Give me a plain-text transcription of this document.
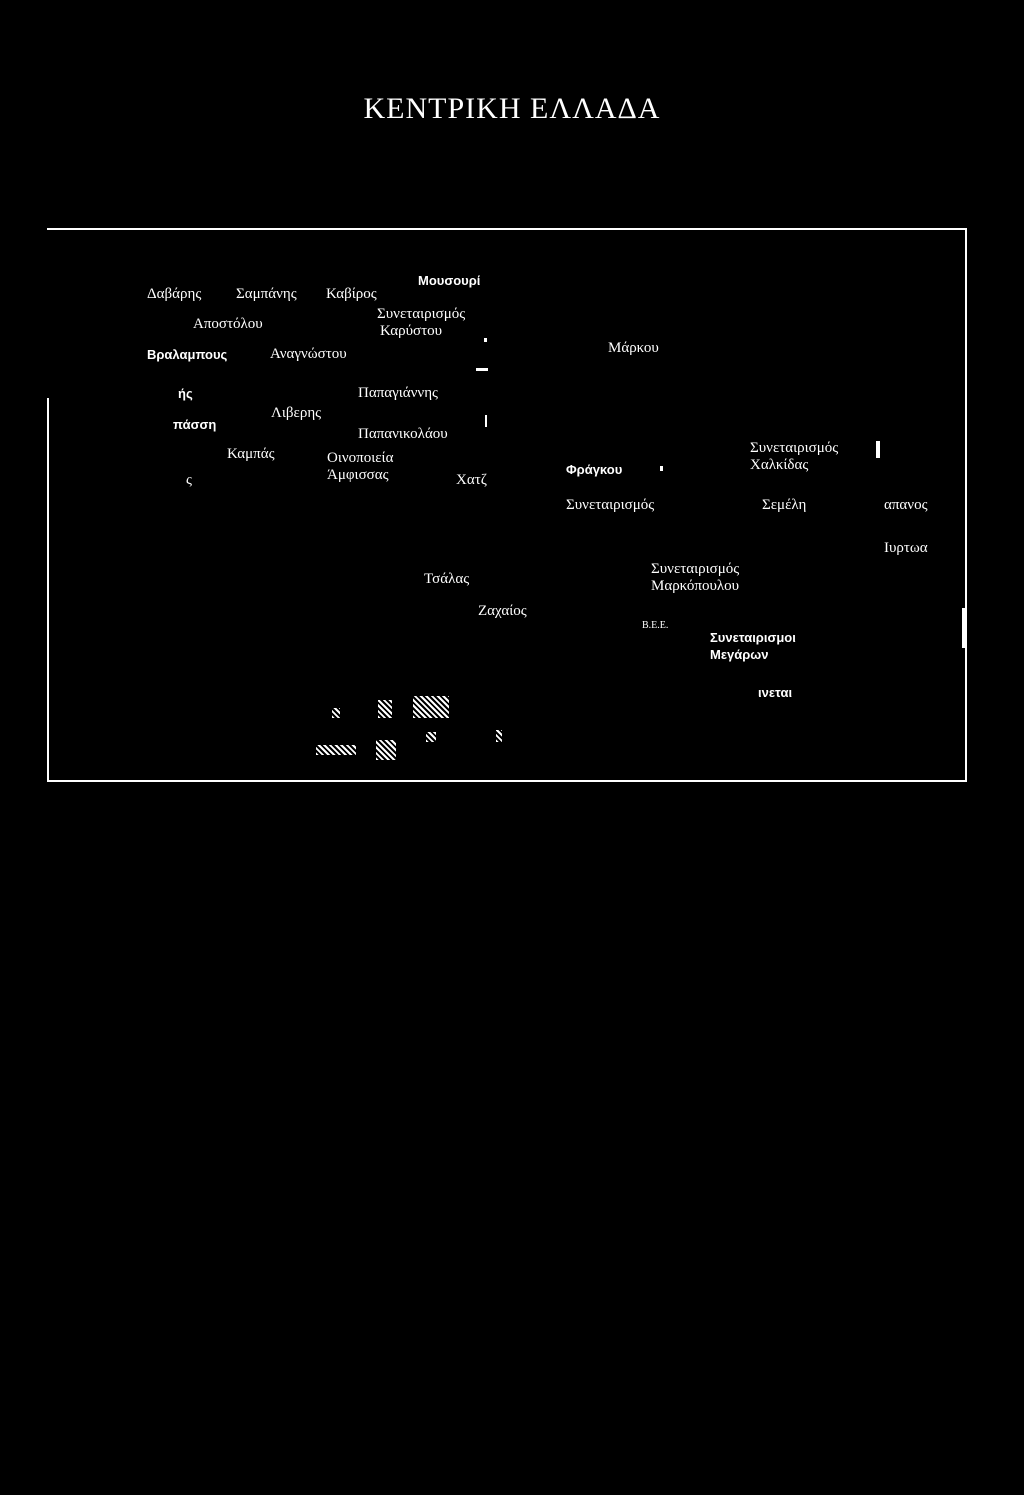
ΚΕΝΤΡΙΚΗ ΕΛΛΑΔΑ
Δαβάρης Σαμπάνης Καβίρος
Μουσουρί
Συνεταιρισμός
Καρύστου
Αποστόλου
Βραλαμπους	Αναγνώστου
ής	Παπαγιάννης
Λιβερης
πάσση
Παπανικολάου
Καμπάς	Οινοποιεία
Άμφισσας	Χατζ
ς
Μάρκου
Φράγκου
Συνεταιρισμός
Χαλκίδας
Συνεταιρισμός	Σεμέλη	απανος
Ιυρτωα
Τσάλας
Ζαχαίος
Συνεταιρισμός
Μαρκόπουλου
B.E.E.
Συνεταιρισμοι
Μεγάρων
ινεται
